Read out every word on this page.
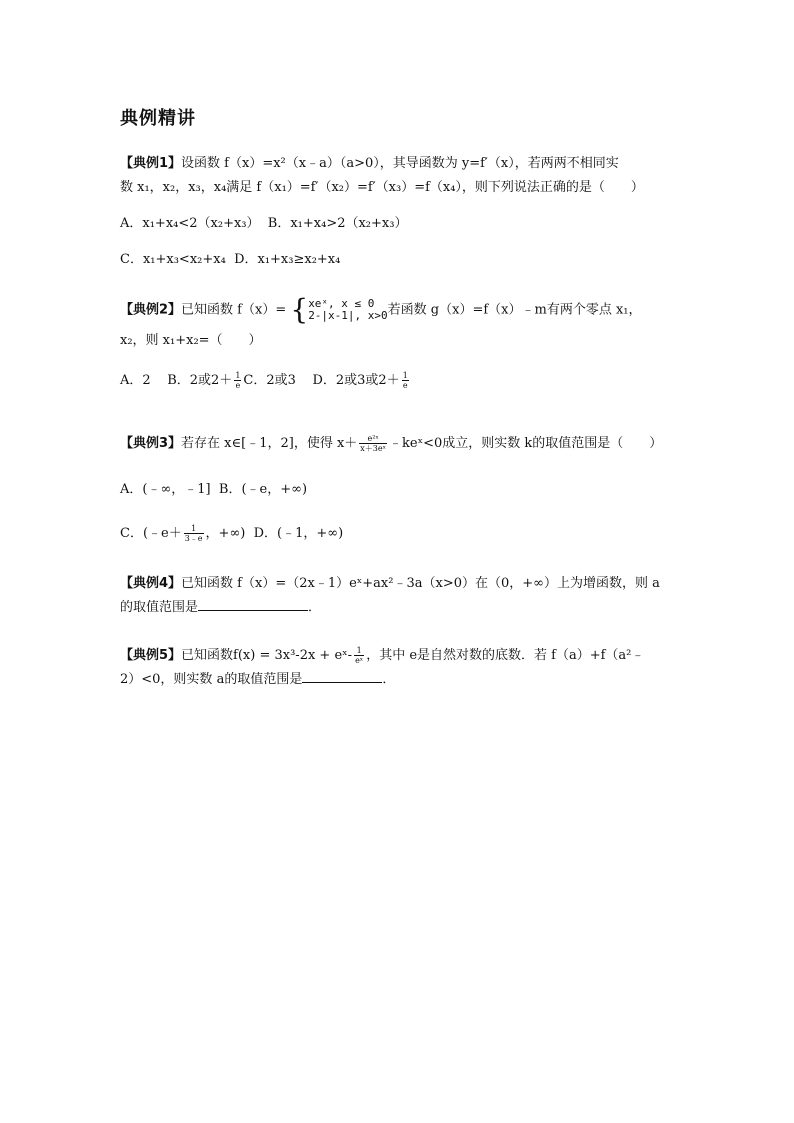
典例精讲
【典例1】设函数 f（x）=x²（x﹣a）（a>0），其导函数为 y=f′（x），若两两不相同实
数 x₁，x₂，x₃，x₄满足 f（x₁）=f′（x₂）=f′（x₃）=f（x₄），则下列说法正确的是（　　）
A．x₁+x₄<2（x₂+x₃） B．x₁+x₄>2（x₂+x₃）
C．x₁+x₃<x₂+x₄ D．x₁+x₃≥x₂+x₄
【典例2】已知函数 f（x）= { xeˣ, x ≤ 0
2-|x-1|, x>0 若函数 g（x）=f（x）﹣m有两个零点 x₁，
x₂，则 x₁+x₂=（　　）
A．2 B．2或$2+ \frac{1}{e}$ C．2或3 D．2或3或$2+ \frac{1}{e}$
【典例3】若存在 x∈[﹣1，2]，使得 $x+ \frac{\text{e²ˣ}}{\text{x＋3eˣ}}$ ﹣keˣ<0成立，则实数 k的取值范围是（　　）
A．(﹣∞，﹣1] B．(﹣e，+∞)
C．(﹣e＋ $\frac{1}{3﹣e}$ ，+∞) D．(﹣1，+∞)
【典例4】已知函数 f（x）=（2x﹣1）eˣ+ax²﹣3a（x>0）在（0，+∞）上为增函数，则 a
的取值范围是	．
【典例5】已知函数f(x) = 3x³-2x + eˣ- $\frac{1}{\text{eˣ}}$ ，其中 e是自然对数的底数．若 f（a）+f（a²﹣
2）<0，则实数 a的取值范围是	．
